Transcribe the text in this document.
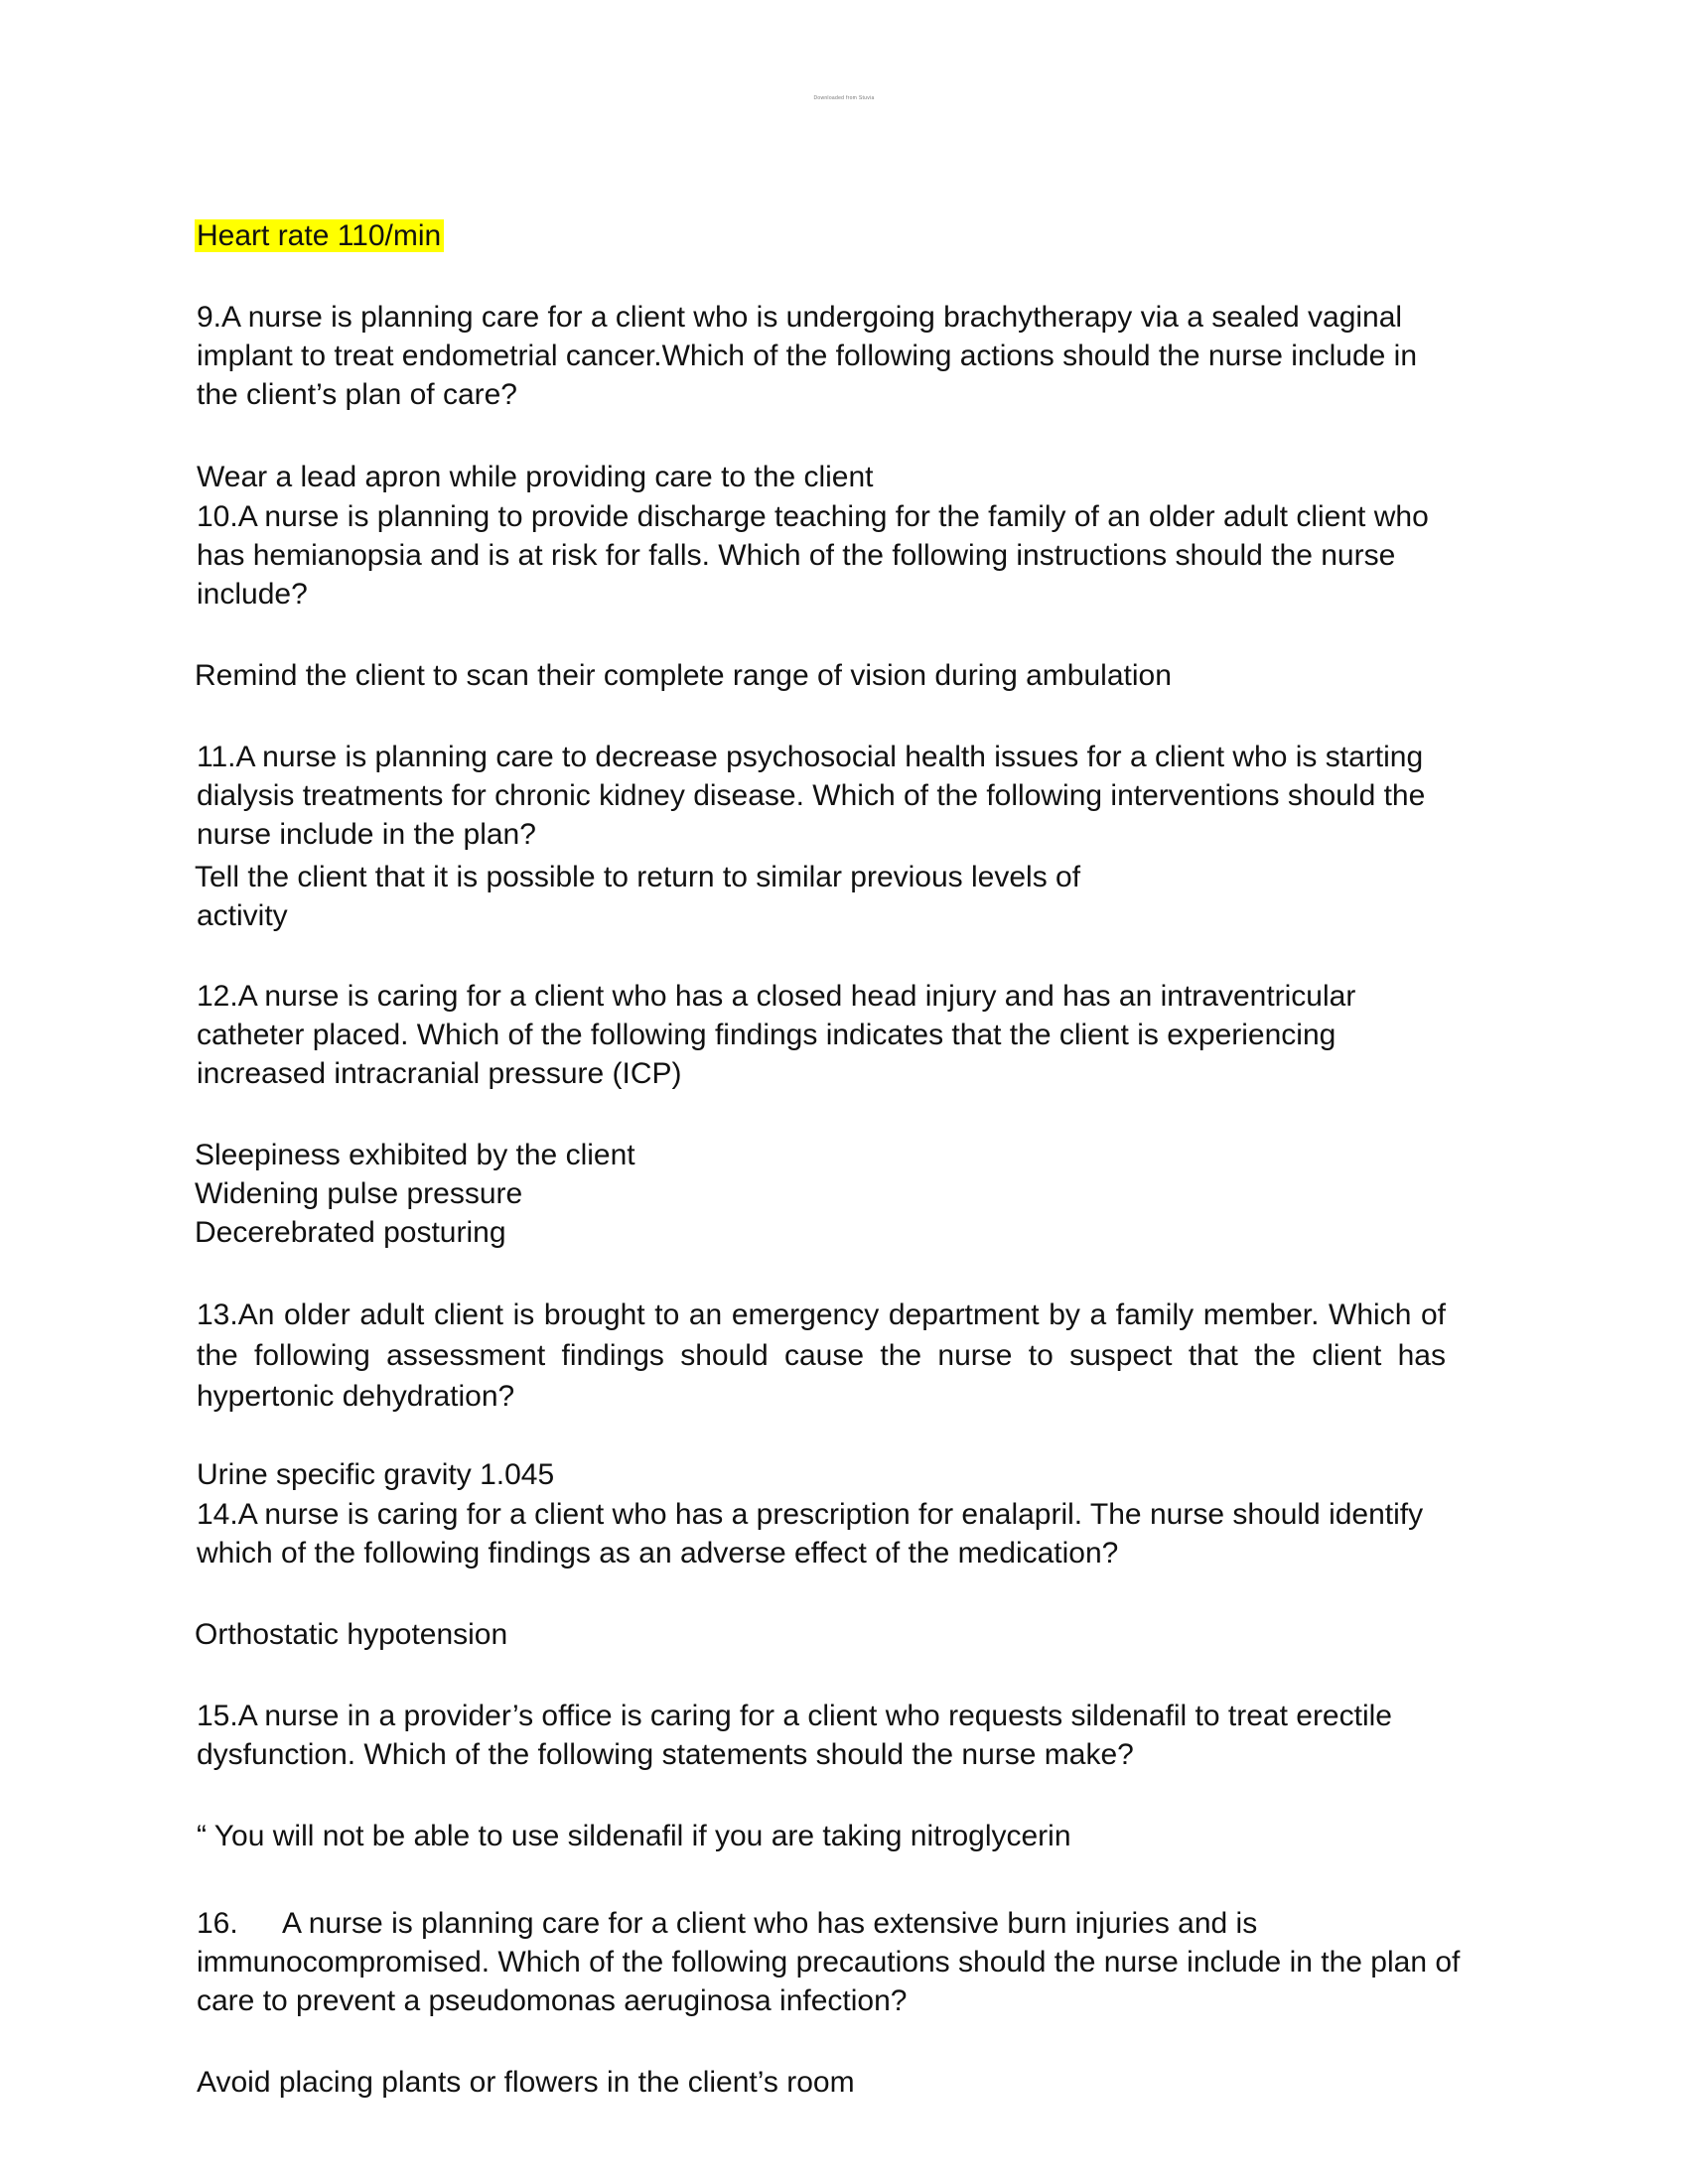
Downloaded from Stuvia
Heart rate 110/min
9.A nurse is planning care for a client who is undergoing brachytherapy via a sealed vaginal
implant to treat endometrial cancer.Which of the following actions should the nurse include in
the client’s plan of care?
Wear a lead apron while providing care to the client
10.A nurse is planning to provide discharge teaching for the family of an older adult client who
has hemianopsia and is at risk for falls. Which of the following instructions should the nurse
include?
Remind the client to scan their complete range of vision during ambulation
11.A nurse is planning care to decrease psychosocial health issues for a client who is starting
dialysis treatments for chronic kidney disease. Which of the following interventions should the
nurse include in the plan?
Tell the client that it is possible to return to similar previous levels of
activity
12.A nurse is caring for a client who has a closed head injury and has an intraventricular
catheter placed. Which of the following findings indicates that the client is experiencing
increased intracranial pressure (ICP)
Sleepiness exhibited by the client
Widening pulse pressure
Decerebrated posturing
13.An older adult client is brought to an emergency department by a family member. Which of the following assessment findings should cause the nurse to suspect that the client has hypertonic dehydration?
Urine specific gravity 1.045
14.A nurse is caring for a client who has a prescription for enalapril. The nurse should identify
which of the following findings as an adverse effect of the medication?
Orthostatic hypotension
15.A nurse in a provider’s office is caring for a client who requests sildenafil to treat erectile
dysfunction. Which of the following statements should the nurse make?
“ You will not be able to use sildenafil if you are taking nitroglycerin
16. A nurse is planning care for a client who has extensive burn injuries and is
immunocompromised. Which of the following precautions should the nurse include in the plan of
care to prevent a pseudomonas aeruginosa infection?
Avoid placing plants or flowers in the client’s room
